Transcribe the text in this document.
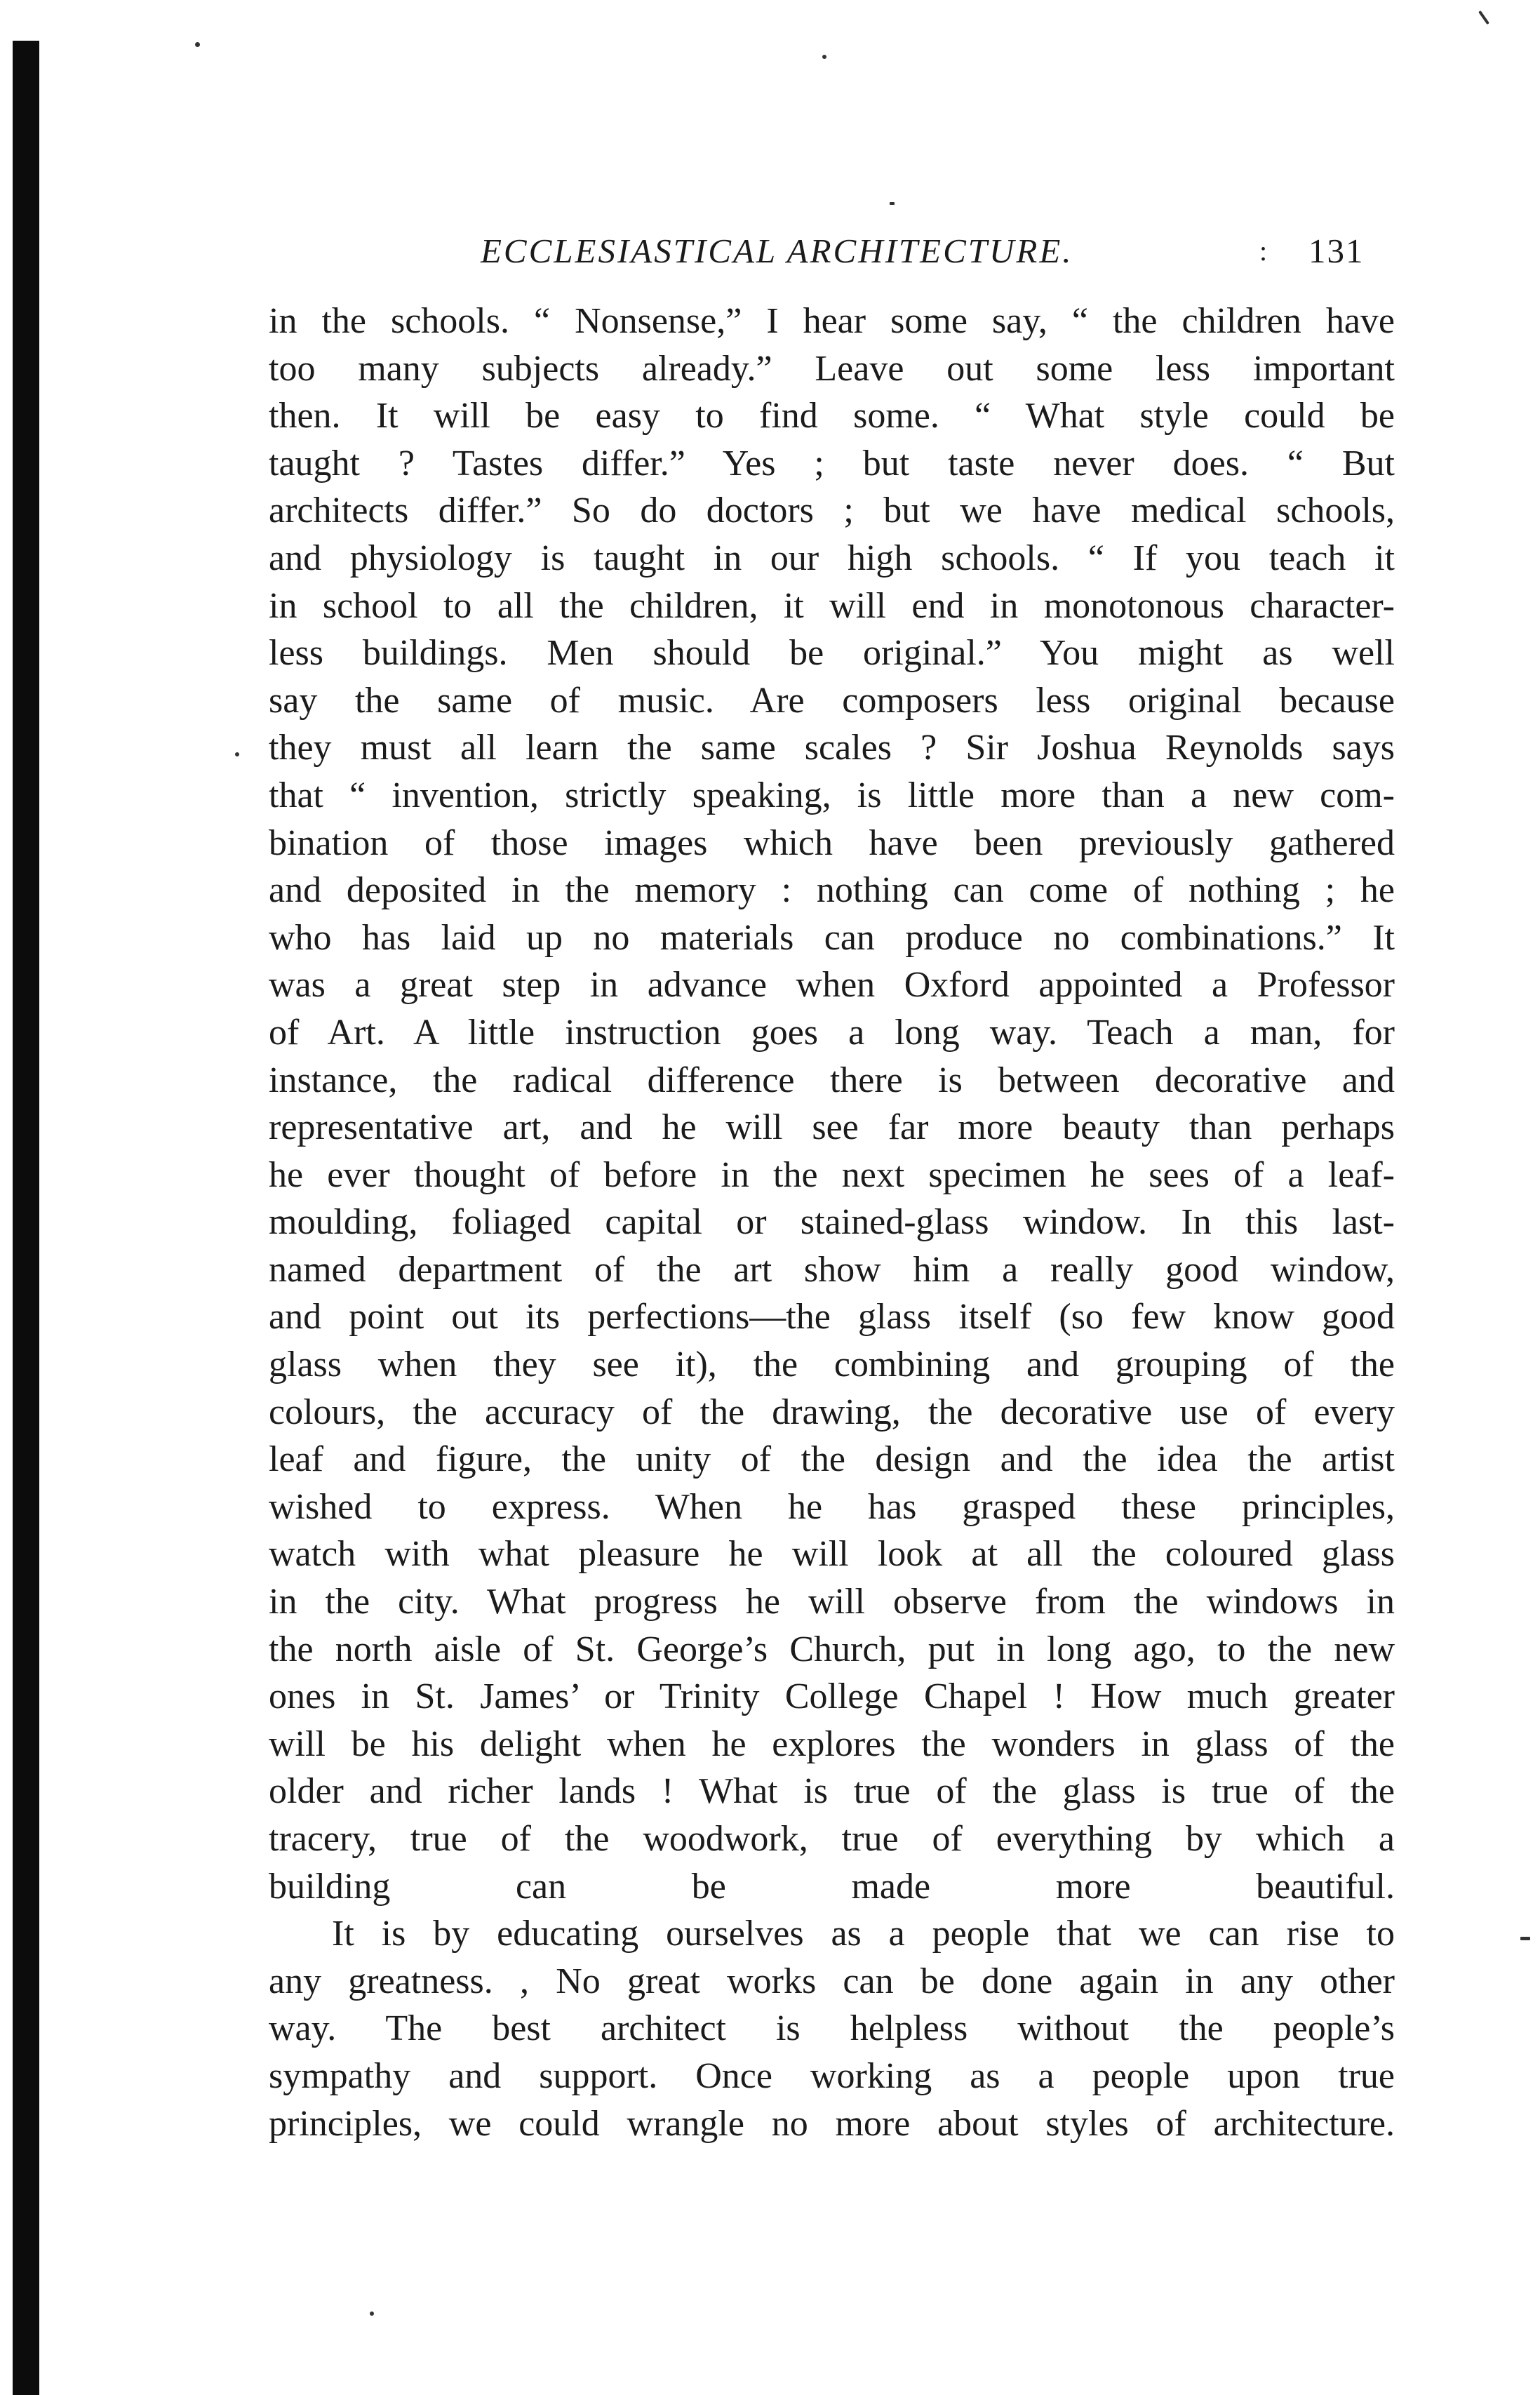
ECCLESIASTICAL ARCHITECTURE.	: 131

in the schools. “ Nonsense,” I hear some say, “ the children have
too many subjects already.” Leave out some less important
then. It will be easy to find some. “ What style could be
taught ? Tastes differ.” Yes ; but taste never does. “ But
architects differ.” So do doctors ; but we have medical schools,
and physiology is taught in our high schools. “ If you teach it
in school to all the children, it will end in monotonous character-
less buildings. Men should be original.” You might as well
say the same of music. Are composers less original because
they must all learn the same scales ? Sir Joshua Reynolds says
that “ invention, strictly speaking, is little more than a new com-
bination of those images which have been previously gathered
and deposited in the memory : nothing can come of nothing ; he
who has laid up no materials can produce no combinations.” It
was a great step in advance when Oxford appointed a Professor
of Art. A little instruction goes a long way. Teach a man, for
instance, the radical difference there is between decorative and
representative art, and he will see far more beauty than perhaps
he ever thought of before in the next specimen he sees of a leaf-
moulding, foliaged capital or stained-glass window. In this last-
named department of the art show him a really good window,
and point out its perfections—the glass itself (so few know good
glass when they see it), the combining and grouping of the
colours, the accuracy of the drawing, the decorative use of every
leaf and figure, the unity of the design and the idea the artist
wished to express. When he has grasped these principles,
watch with what pleasure he will look at all the coloured glass
in the city. What progress he will observe from the windows in
the north aisle of St. George’s Church, put in long ago, to the new
ones in St. James’ or Trinity College Chapel ! How much greater
will be his delight when he explores the wonders in glass of the
older and richer lands ! What is true of the glass is true of the
tracery, true of the woodwork, true of everything by which a
building can be made more beautiful.

It is by educating ourselves as a people that we can rise to
any greatness. , No great works can be done again in any other
way. The best architect is helpless without the people’s
sympathy and support. Once working as a people upon true
principles, we could wrangle no more about styles of architecture.
